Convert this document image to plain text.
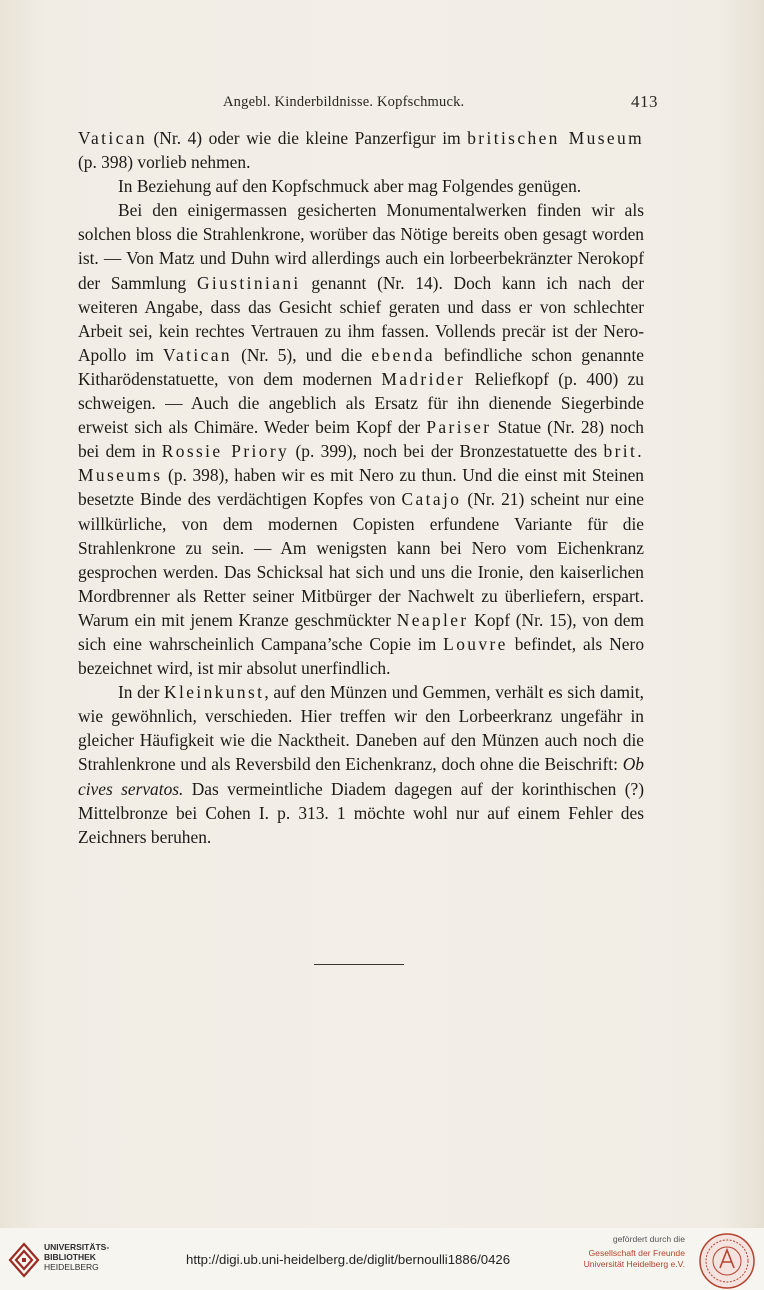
Angebl. Kinderbildnisse. Kopfschmuck.	413

Vatican (Nr. 4) oder wie die kleine Panzerfigur im britischen Museum (p. 398) vorlieb nehmen.

In Beziehung auf den Kopfschmuck aber mag Folgendes genügen.

Bei den einigermassen gesicherten Monumentalwerken finden wir als solchen bloss die Strahlenkrone, worüber das Nötige bereits oben gesagt worden ist. — Von Matz und Duhn wird allerdings auch ein lorbeerbekränzter Nerokopf der Sammlung Giustiniani genannt (Nr. 14). Doch kann ich nach der weiteren Angabe, dass das Gesicht schief geraten und dass er von schlechter Arbeit sei, kein rechtes Vertrauen zu ihm fassen. Vollends precär ist der Nero-Apollo im Vatican (Nr. 5), und die ebenda befindliche schon genannte Kitharödenstatuette, von dem modernen Madrider Reliefkopf (p. 400) zu schweigen. — Auch die angeblich als Ersatz für ihn dienende Siegerbinde erweist sich als Chimäre. Weder beim Kopf der Pariser Statue (Nr. 28) noch bei dem in Rossie Priory (p. 399), noch bei der Bronzestatuette des brit. Museums (p. 398), haben wir es mit Nero zu thun. Und die einst mit Steinen besetzte Binde des verdächtigen Kopfes von Catajo (Nr. 21) scheint nur eine willkürliche, von dem modernen Copisten erfundene Variante für die Strahlenkrone zu sein. — Am wenigsten kann bei Nero vom Eichenkranz gesprochen werden. Das Schicksal hat sich und uns die Ironie, den kaiserlichen Mordbrenner als Retter seiner Mitbürger der Nachwelt zu überliefern, erspart. Warum ein mit jenem Kranze geschmückter Neapler Kopf (Nr. 15), von dem sich eine wahrscheinlich Campana’sche Copie im Louvre befindet, als Nero bezeichnet wird, ist mir absolut unerfindlich.

In der Kleinkunst, auf den Münzen und Gemmen, verhält es sich damit, wie gewöhnlich, verschieden. Hier treffen wir den Lorbeerkranz ungefähr in gleicher Häufigkeit wie die Nacktheit. Daneben auf den Münzen auch noch die Strahlenkrone und als Reversbild den Eichenkranz, doch ohne die Beischrift: Ob cives servatos. Das vermeintliche Diadem dagegen auf der korinthischen (?) Mittelbronze bei Cohen I. p. 313. 1 möchte wohl nur auf einem Fehler des Zeichners beruhen.

UNIVERSITÄTS-
BIBLIOTHEK
HEIDELBERG	http://digi.ub.uni-heidelberg.de/diglit/bernoulli1886/0426
gefördert durch die
Gesellschaft der Freunde
Universität Heidelberg e.V.
